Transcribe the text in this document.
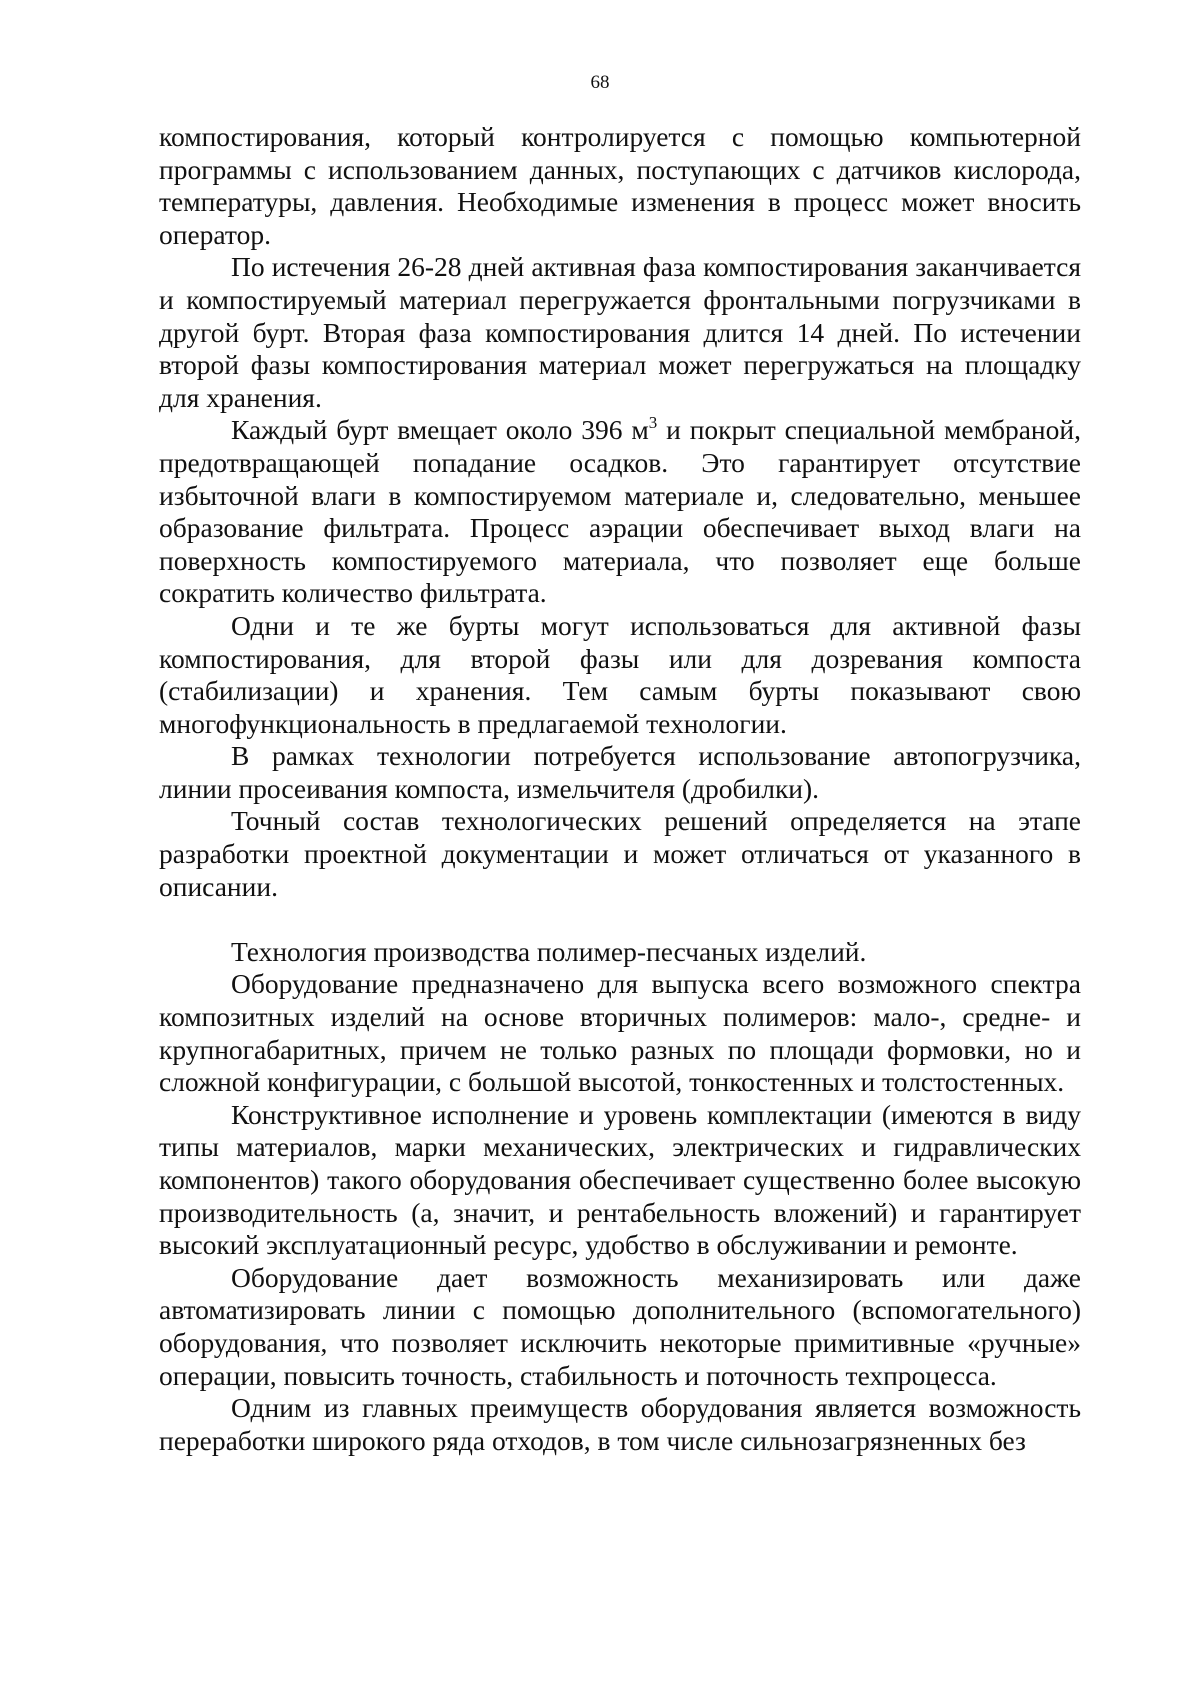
68

компостирования, который контролируется с помощью компьютерной программы с использованием данных, поступающих с датчиков кислорода, температуры, давления. Необходимые изменения в процесс может вносить оператор.

По истечения 26-28 дней активная фаза компостирования заканчивается и компостируемый материал перегружается фронтальными погрузчиками в другой бурт. Вторая фаза компостирования длится 14 дней. По истечении второй фазы компостирования материал может перегружаться на площадку для хранения.

Каждый бурт вмещает около 396 $м^3$ и покрыт специальной мембраной, предотвращающей попадание осадков. Это гарантирует отсутствие избыточной влаги в компостируемом материале и, следовательно, меньшее образование фильтрата. Процесс аэрации обеспечивает выход влаги на поверхность компостируемого материала, что позволяет еще больше сократить количество фильтрата.

Одни и те же бурты могут использоваться для активной фазы компостирования, для второй фазы или для дозревания компоста (стабилизации) и хранения. Тем самым бурты показывают свою многофункциональность в предлагаемой технологии.

В рамках технологии потребуется использование автопогрузчика, линии просеивания компоста, измельчителя (дробилки).

Точный состав технологических решений определяется на этапе разработки проектной документации и может отличаться от указанного в описании.

Технология производства полимер-песчаных изделий.

Оборудование предназначено для выпуска всего возможного спектра композитных изделий на основе вторичных полимеров: мало-, средне- и крупногабаритных, причем не только разных по площади формовки, но и сложной конфигурации, с большой высотой, тонкостенных и толстостенных.

Конструктивное исполнение и уровень комплектации (имеются в виду типы материалов, марки механических, электрических и гидравлических компонентов) такого оборудования обеспечивает существенно более высокую производительность (а, значит, и рентабельность вложений) и гарантирует высокий эксплуатационный ресурс, удобство в обслуживании и ремонте.

Оборудование дает возможность механизировать или даже автоматизировать линии с помощью дополнительного (вспомогательного) оборудования, что позволяет исключить некоторые примитивные «ручные» операции, повысить точность, стабильность и поточность техпроцесса.

Одним из главных преимуществ оборудования является возможность переработки широкого ряда отходов, в том числе сильнозагрязненных без
